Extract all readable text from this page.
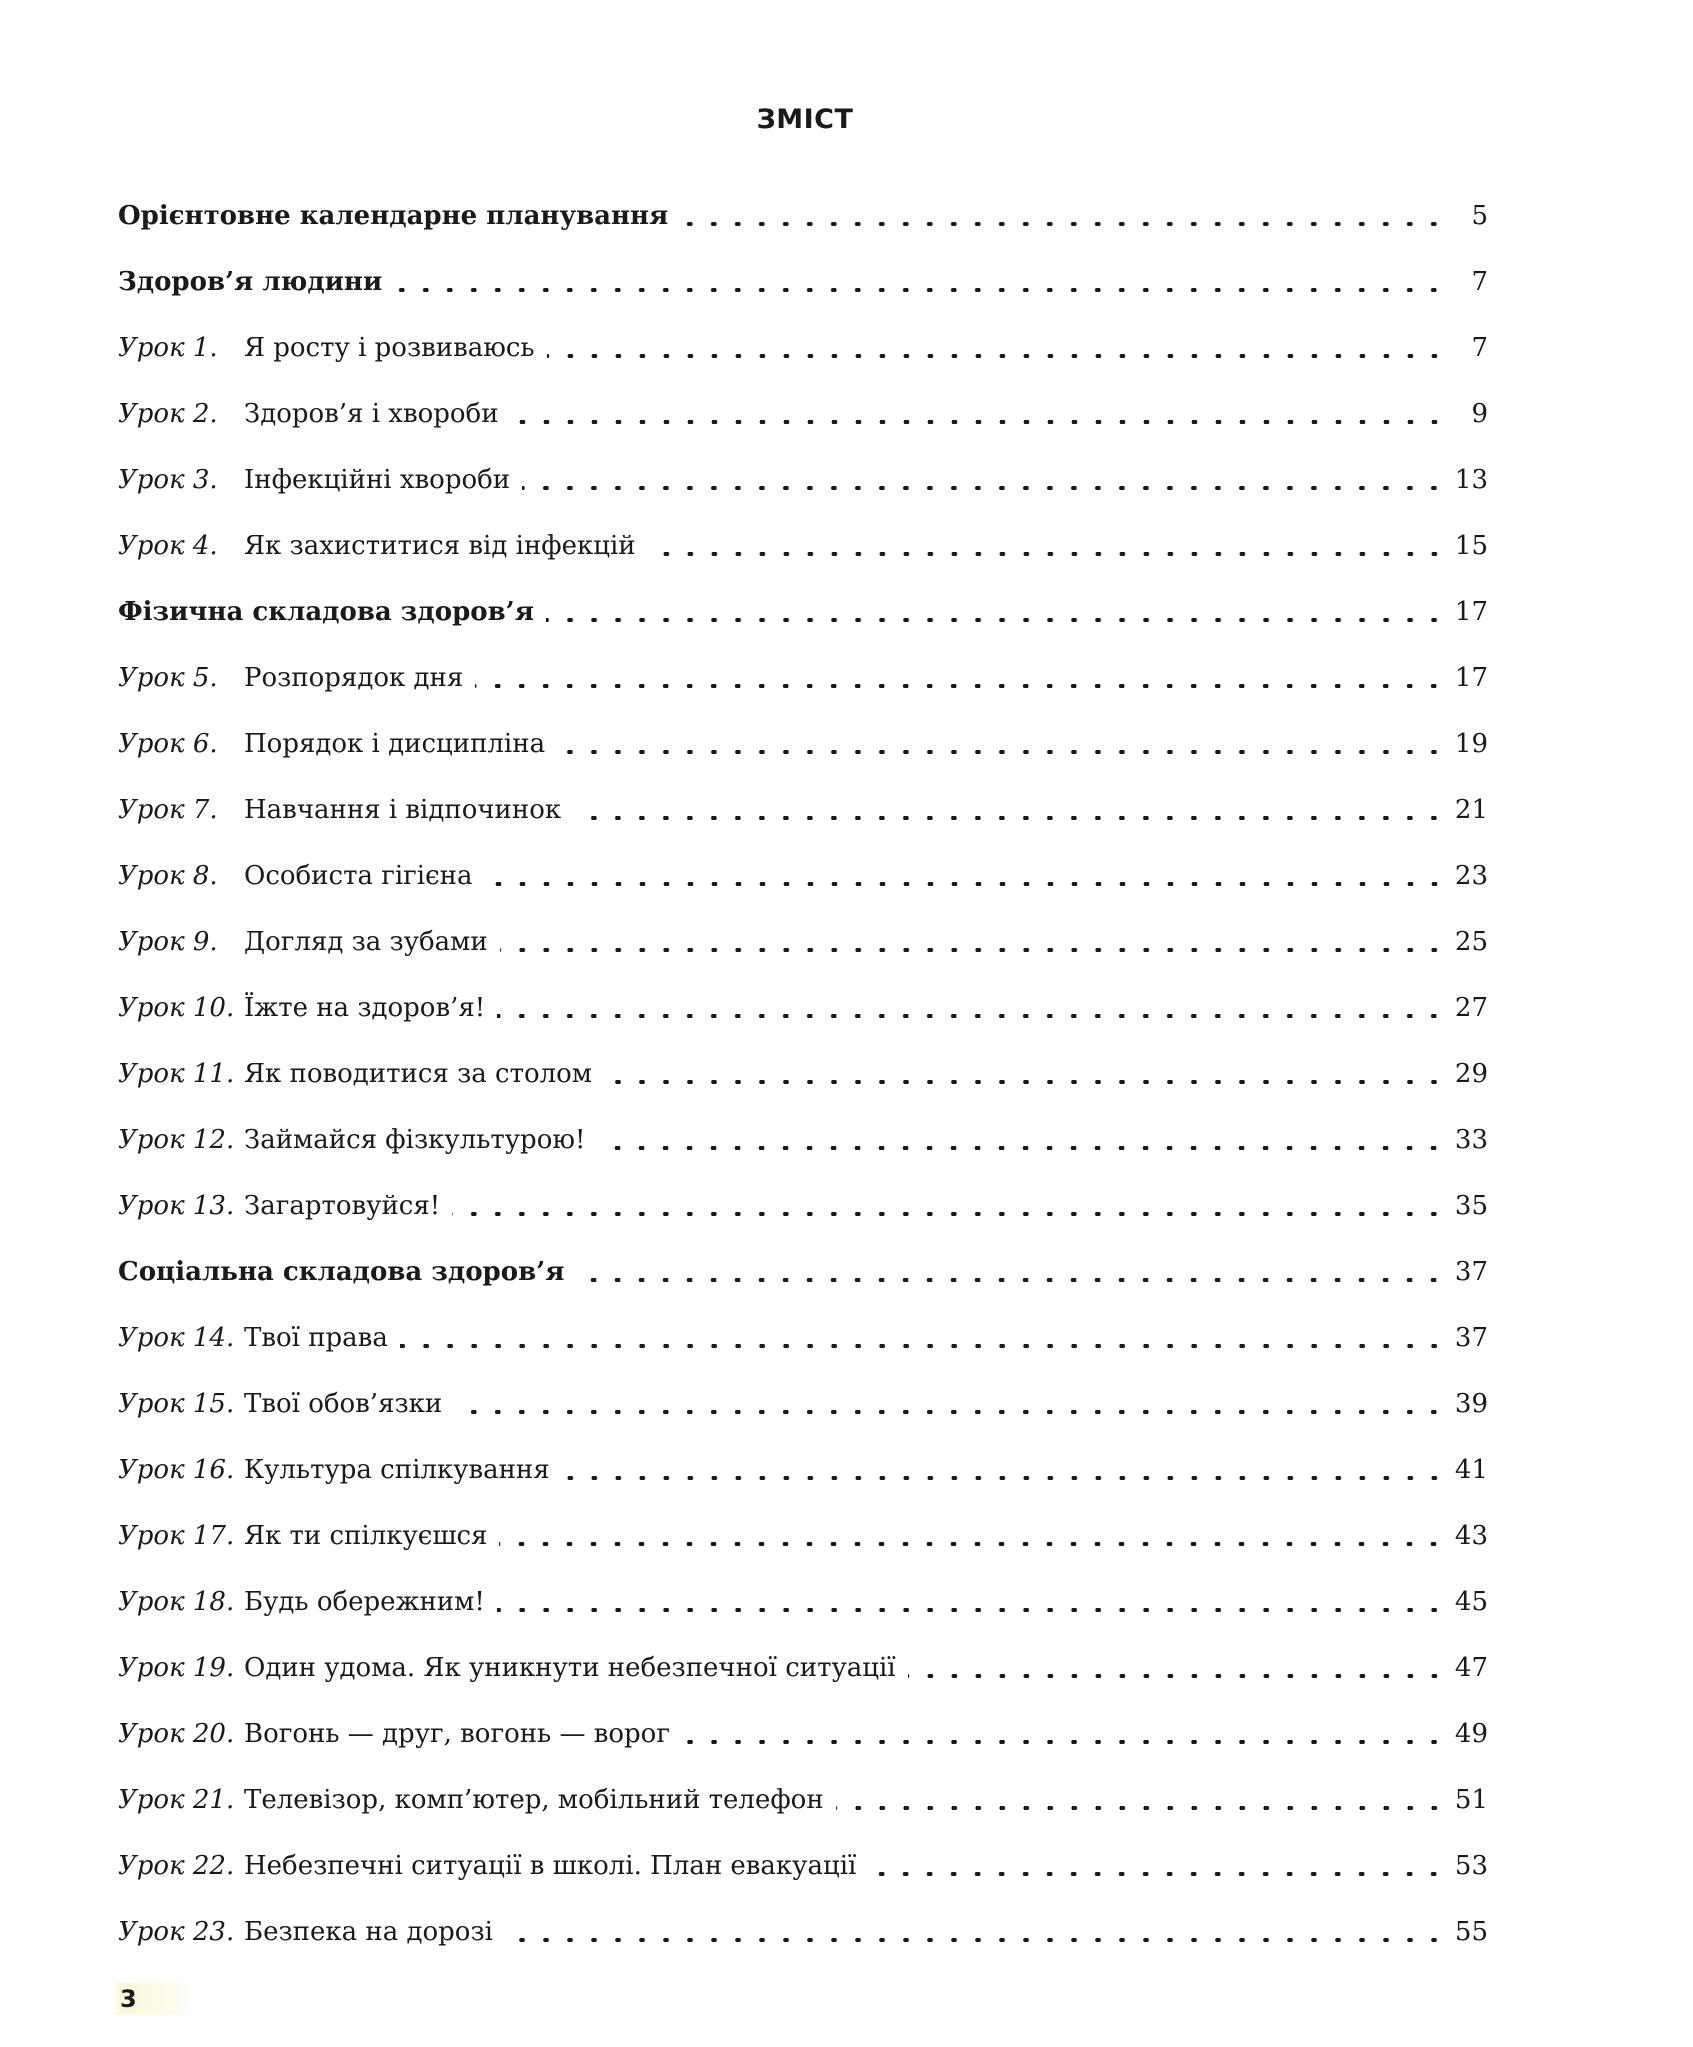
ЗМІСТ
Орієнтовне календарне планування	5
Здоров’я людини	7
Урок 1.	Я росту і розвиваюсь	7
Урок 2.	Здоров’я і хвороби	9
Урок 3.	Інфекційні хвороби	13
Урок 4.	Як захиститися від інфекцій	15
Фізична складова здоров’я	17
Урок 5.	Розпорядок дня	17
Урок 6.	Порядок і дисципліна	19
Урок 7.	Навчання і відпочинок	21
Урок 8.	Особиста гігієна	23
Урок 9.	Догляд за зубами	25
Урок 10. Їжте на здоров’я!	27
Урок 11. Як поводитися за столом	29
Урок 12. Займайся фізкультурою!	33
Урок 13. Загартовуйся!	35
Соціальна складова здоров’я	37
Урок 14. Твої права	37
Урок 15. Твої обов’язки	39
Урок 16. Культура спілкування	41
Урок 17. Як ти спілкуєшся	43
Урок 18. Будь обережним!	45
Урок 19. Один удома. Як уникнути небезпечної ситуації	47
Урок 20. Вогонь — друг, вогонь — ворог	49
Урок 21. Телевізор, комп’ютер, мобільний телефон	51
Урок 22. Небезпечні ситуації в школі. План евакуації	53
Урок 23. Безпека на дорозі	55
3
